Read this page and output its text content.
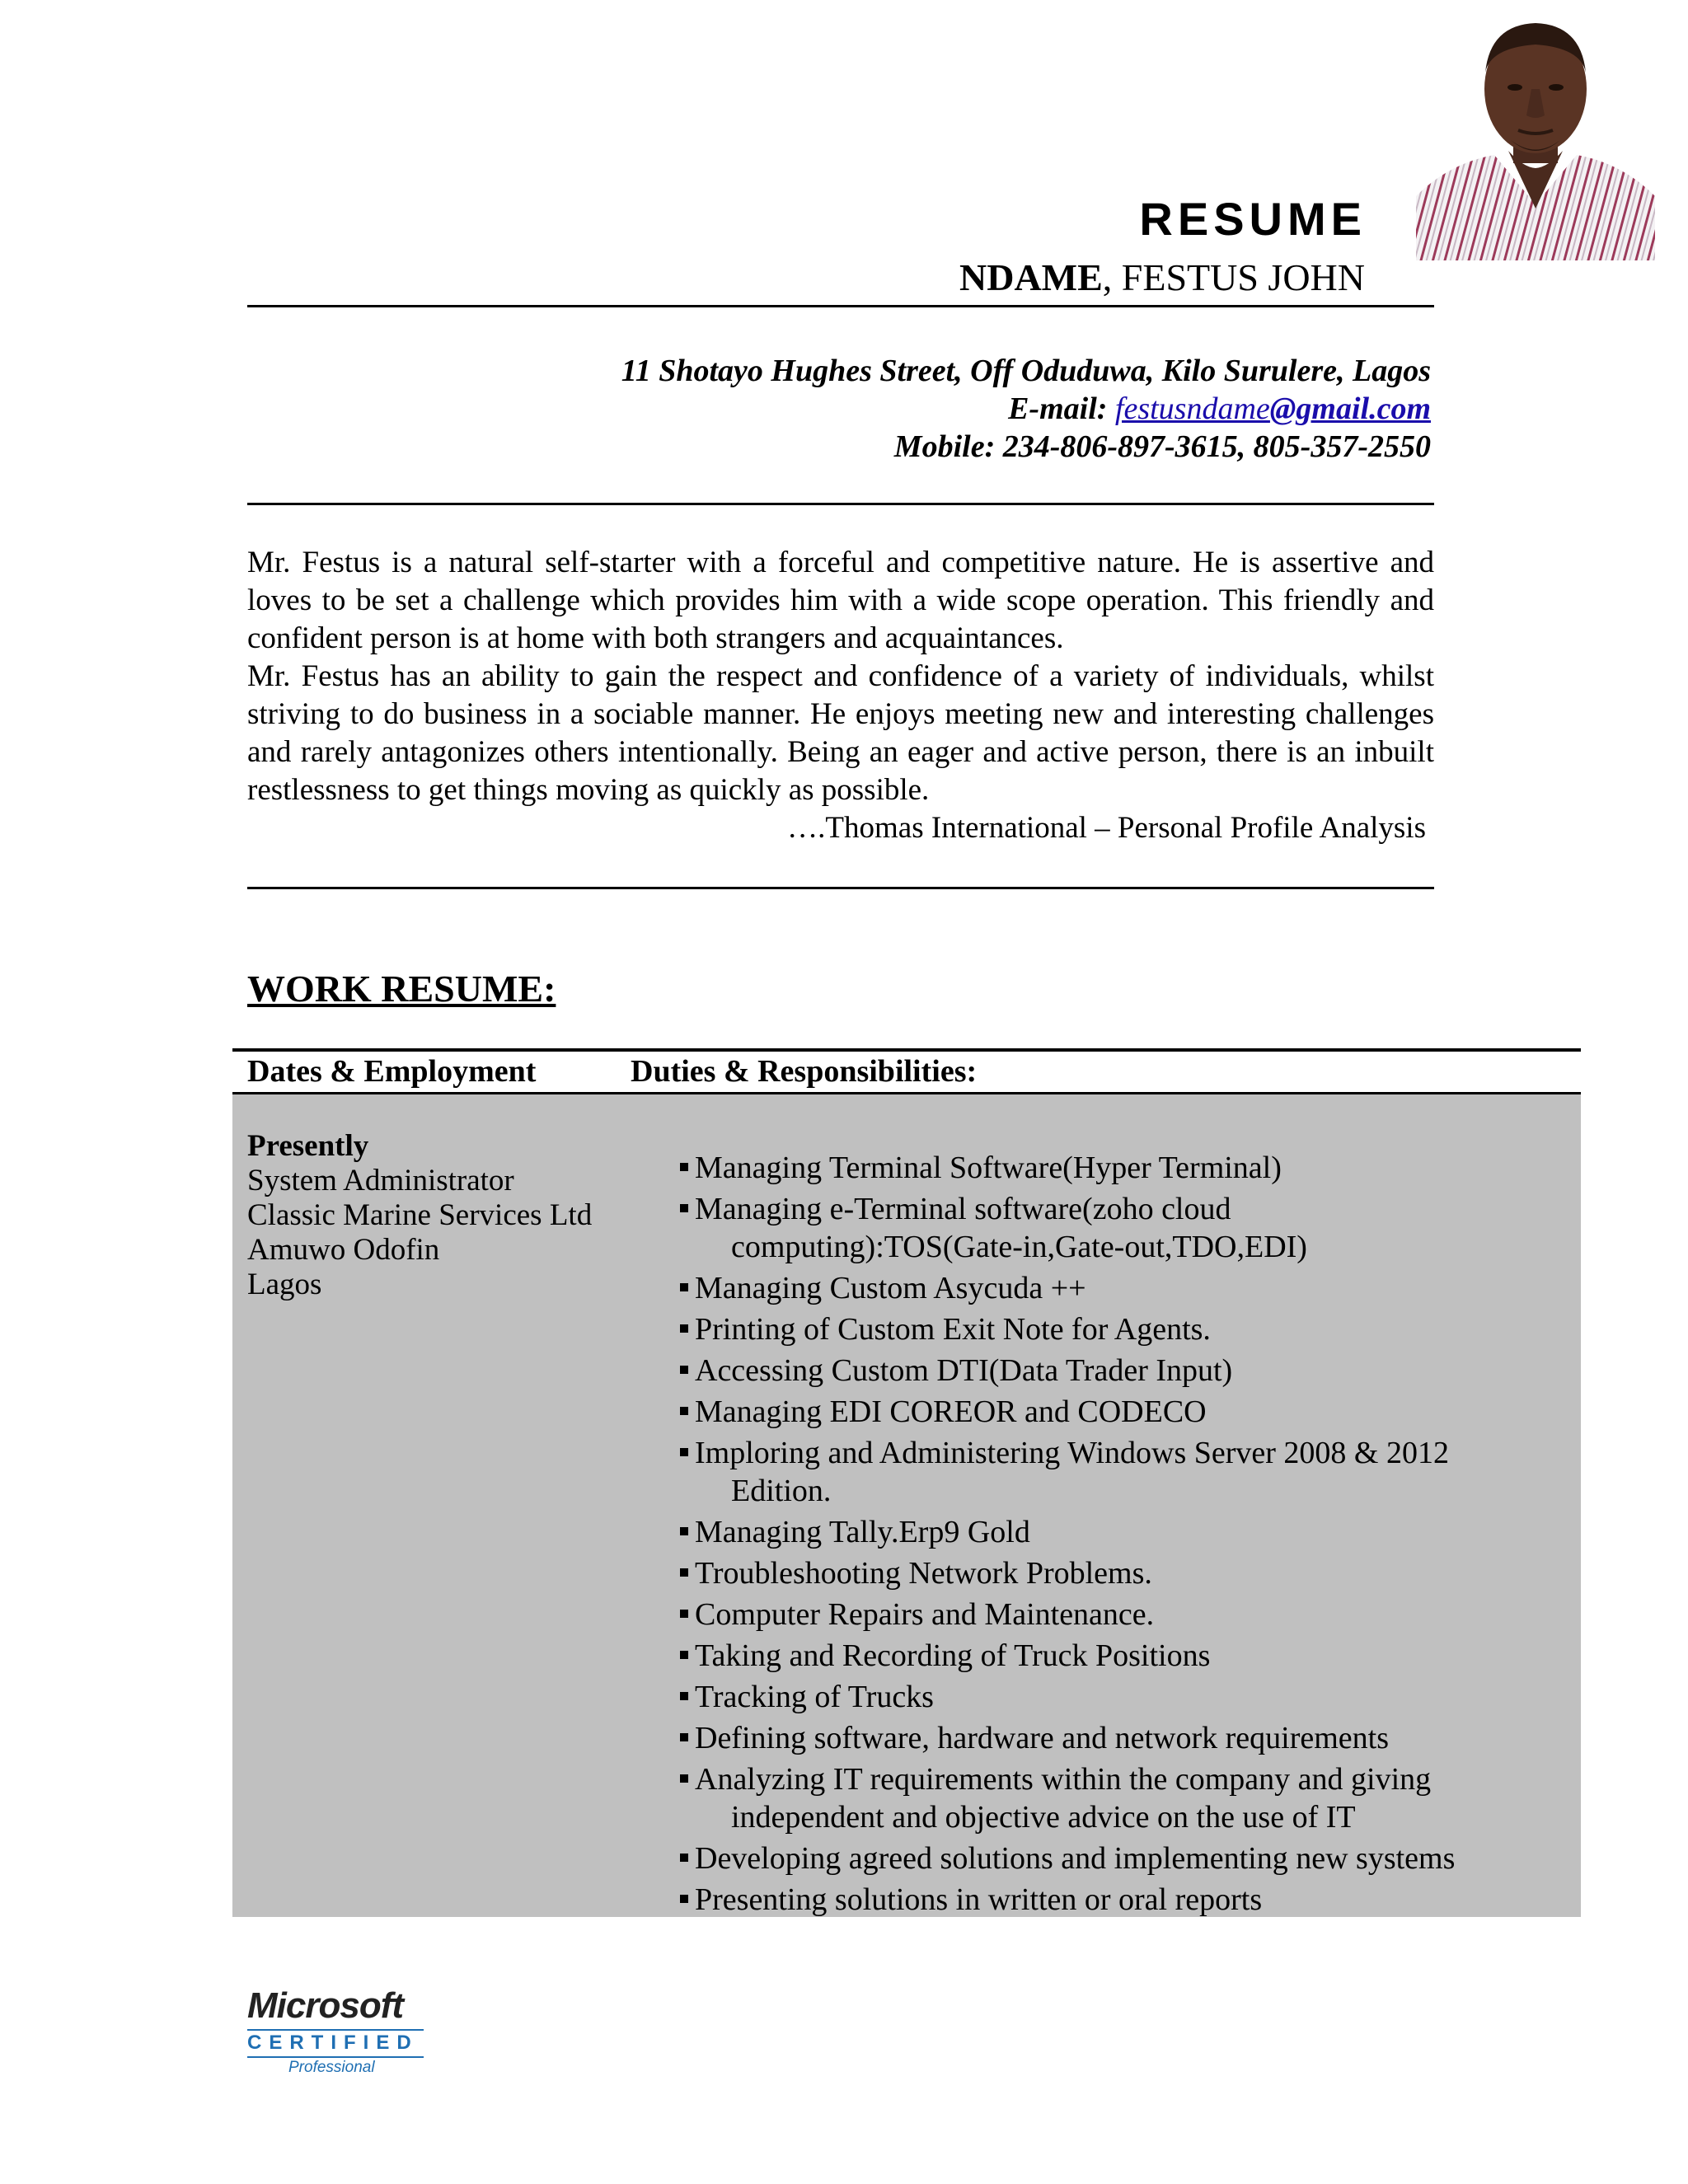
RESUME
NDAME, FESTUS JOHN
11 Shotayo Hughes Street, Off Oduduwa, Kilo Surulere, Lagos
E-mail: festusndame@gmail.com
Mobile: 234-806-897-3615, 805-357-2550

Mr. Festus is a natural self-starter with a forceful and competitive nature. He is assertive and loves to be set a challenge which provides him with a wide scope operation. This friendly and confident person is at home with both strangers and acquaintances.

Mr. Festus has an ability to gain the respect and confidence of a variety of individuals, whilst striving to do business in a sociable manner. He enjoys meeting new and interesting challenges and rarely antagonizes others intentionally. Being an eager and active person, there is an inbuilt restlessness to get things moving as quickly as possible.

….Thomas International – Personal Profile Analysis

WORK RESUME:
Dates & Employment	Duties & Responsibilities:
Presently
System Administrator
Classic Marine Services Ltd
Amuwo Odofin
Lagos
Managing Terminal Software(Hyper Terminal)
Managing e-Terminal software(zoho cloud
computing):TOS(Gate-in,Gate-out,TDO,EDI)
Managing Custom Asycuda ++
Printing of Custom Exit Note for Agents.
Accessing Custom DTI(Data Trader Input)
Managing EDI COREOR and CODECO
Imploring and Administering Windows Server 2008 & 2012
Edition.
Managing Tally.Erp9 Gold
Troubleshooting Network Problems.
Computer Repairs and Maintenance.
Taking and Recording of Truck Positions
Tracking of Trucks
Defining software, hardware and network requirements
Analyzing IT requirements within the company and giving
independent and objective advice on the use of IT
Developing agreed solutions and implementing new systems
Presenting solutions in written or oral reports
Microsoft
CERTIFIED
Professional
